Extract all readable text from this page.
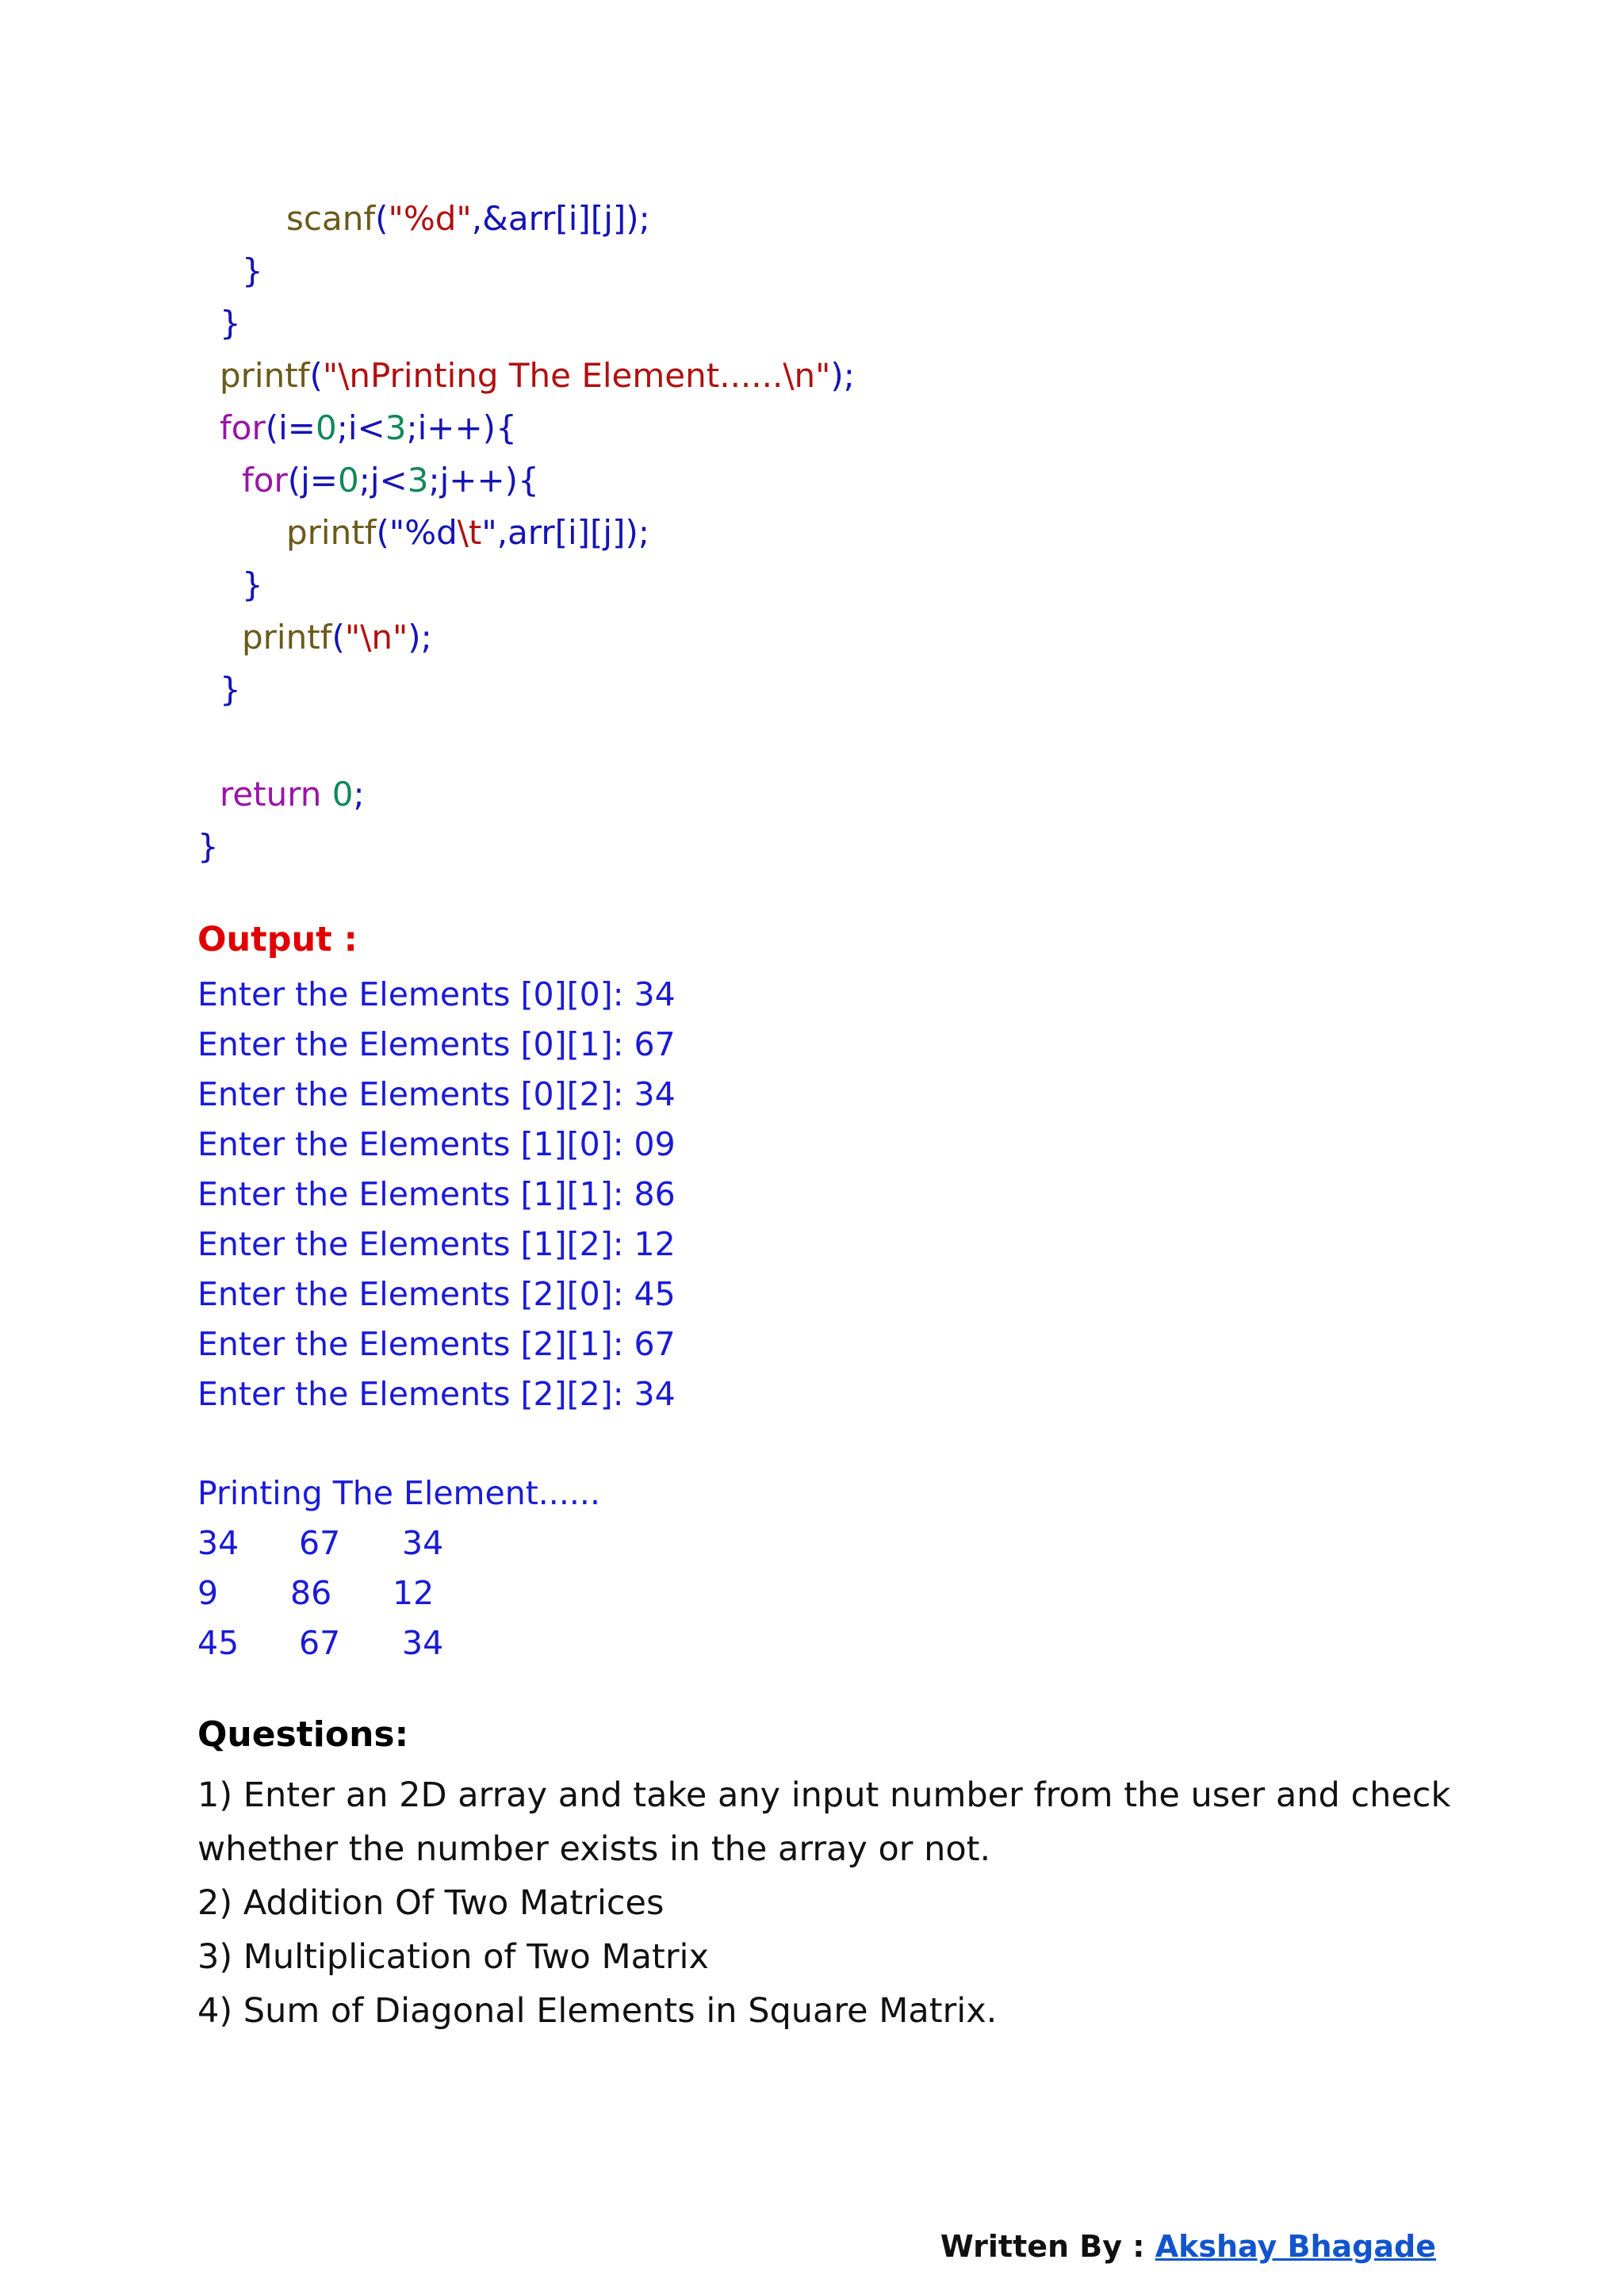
scanf("%d",&arr[i][j]);
}
}
printf("\nPrinting The Element......\n");
for(i=0;i<3;i++){
for(j=0;j<3;j++){
printf("%d\t",arr[i][j]);
}
printf("\n");
}
return 0;
}
Output :
Enter the Elements [0][0]: 34
Enter the Elements [0][1]: 67
Enter the Elements [0][2]: 34
Enter the Elements [1][0]: 09
Enter the Elements [1][1]: 86
Enter the Elements [1][2]: 12
Enter the Elements [2][0]: 45
Enter the Elements [2][1]: 67
Enter the Elements [2][2]: 34
Printing The Element......
34 67 34
9 86 12
45 67 34
Questions:
1) Enter an 2D array and take any input number from the user and check
whether the number exists in the array or not.
2) Addition Of Two Matrices
3) Multiplication of Two Matrix
4) Sum of Diagonal Elements in Square Matrix.
Written By : Akshay Bhagade
